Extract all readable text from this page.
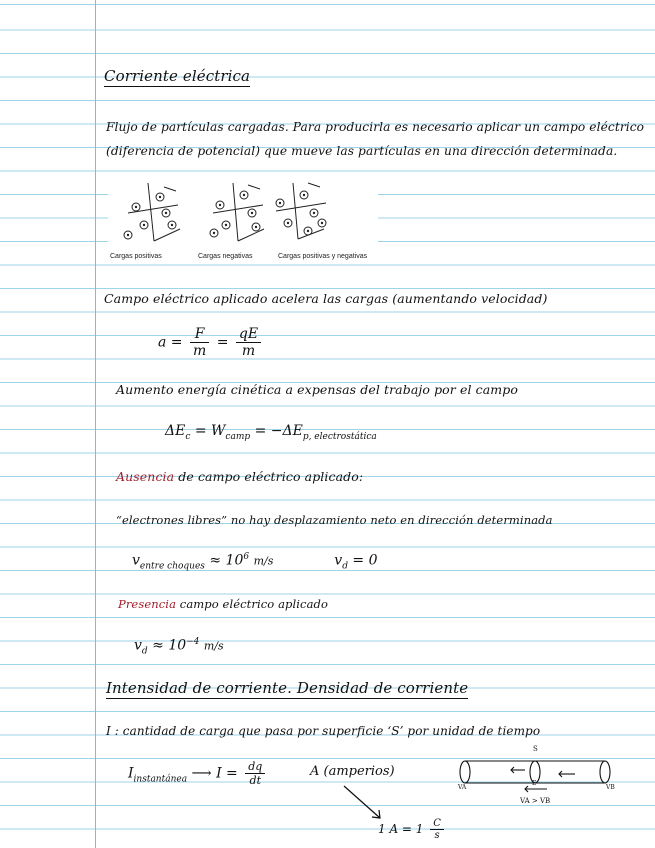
Corriente eléctrica
Flujo de partículas cargadas. Para producirla es necesario aplicar un campo eléctrico
(diferencia de potencial) que mueve las partículas en una dirección determinada.
Cargas positivas	Cargas negativas	Cargas positivas y negativas
Campo eléctrico aplicado acelera las cargas (aumentando velocidad)
$a = \frac{F}{m} = \frac{qE}{m}$
Aumento energía cinética a expensas del trabajo por el campo
$\Delta E_c = W_{camp} = -\Delta E_{p, electrostática}$
Ausencia de campo eléctrico aplicado:
“electrones libres” no hay desplazamiento neto en dirección determinada
$v_{entre choques} \approx 10^6$ m/s	$v_d = 0$
Presencia campo eléctrico aplicado
$v_d \approx 10^{-4}$ m/s
Intensidad de corriente. Densidad de corriente
I : cantidad de carga que pasa por superficie ‘S’ por unidad de tiempo
$I_{instantánea}$ ⟶ $I = \frac{dq}{dt}$	A (amperios)
1 $A = 1 \frac{C}{s}$
S
VA	VB
E
VA > VB
